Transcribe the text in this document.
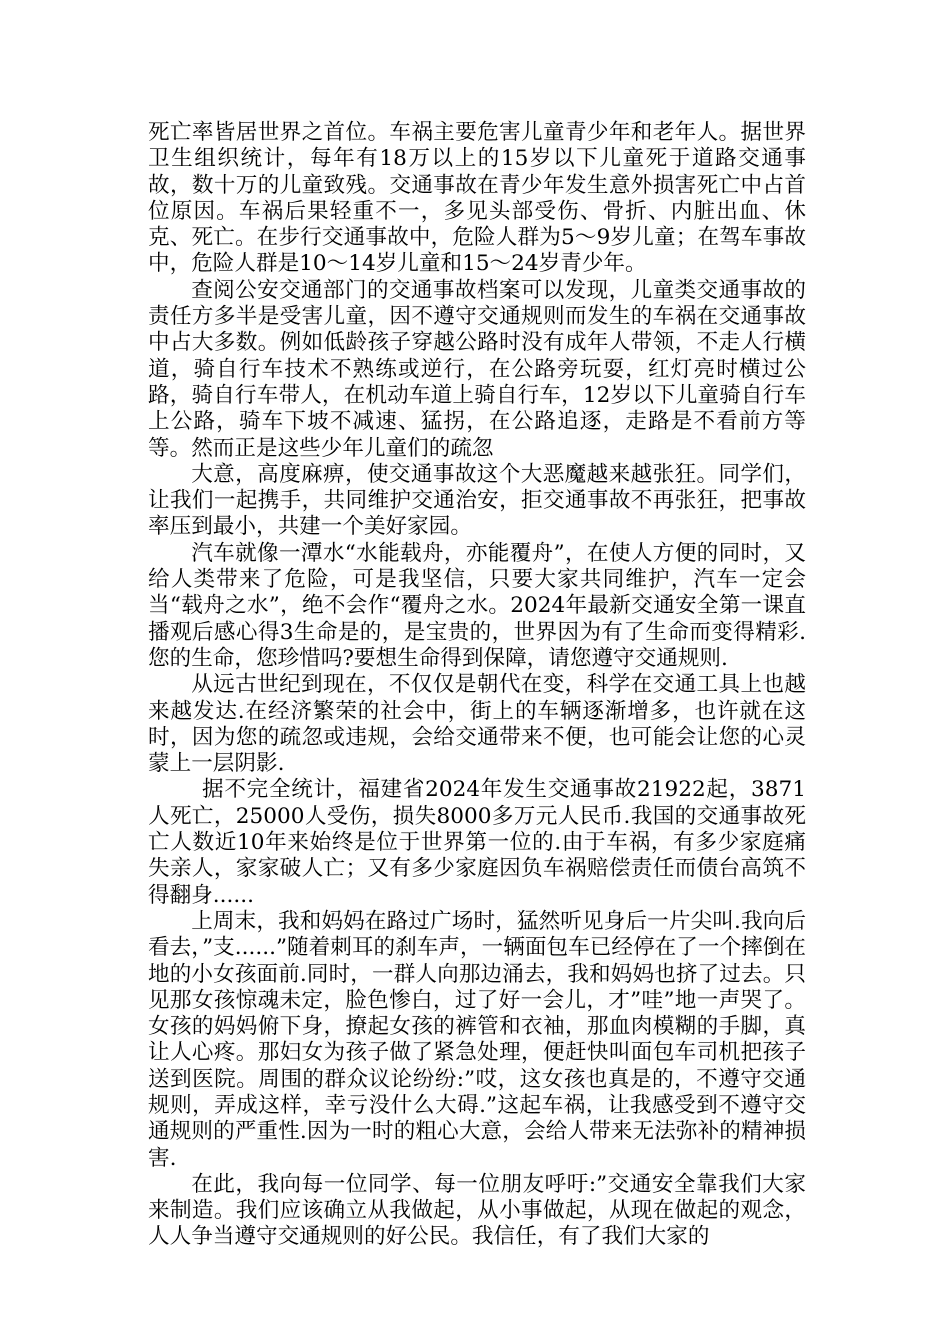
死亡率皆居世界之首位。车祸主要危害儿童青少年和老年人。据世界卫生组织统计，每年有18万以上的15岁以下儿童死于道路交通事故，数十万的儿童致残。交通事故在青少年发生意外损害死亡中占首位原因。车祸后果轻重不一，多见头部受伤、骨折、内脏出血、休克、死亡。在步行交通事故中，危险人群为5～9岁儿童；在驾车事故中，危险人群是10～14岁儿童和15～24岁青少年。

查阅公安交通部门的交通事故档案可以发现，儿童类交通事故的责任方多半是受害儿童，因不遵守交通规则而发生的车祸在交通事故中占大多数。例如低龄孩子穿越公路时没有成年人带领，不走人行横道，骑自行车技术不熟练或逆行，在公路旁玩耍，红灯亮时横过公路，骑自行车带人，在机动车道上骑自行车，12岁以下儿童骑自行车上公路，骑车下坡不减速、猛拐，在公路追逐，走路是不看前方等等。然而正是这些少年儿童们的疏忽

大意，高度麻痹，使交通事故这个大恶魔越来越张狂。同学们，让我们一起携手，共同维护交通治安，拒交通事故不再张狂，把事故率压到最小，共建一个美好家园。

汽车就像一潭水“水能载舟，亦能覆舟”，在使人方便的同时，又给人类带来了危险，可是我坚信，只要大家共同维护，汽车一定会当“载舟之水”，绝不会作“覆舟之水。2024年最新交通安全第一课直播观后感心得3生命是的，是宝贵的，世界因为有了生命而变得精彩.您的生命，您珍惜吗?要想生命得到保障，请您遵守交通规则.

从远古世纪到现在，不仅仅是朝代在变，科学在交通工具上也越来越发达.在经济繁荣的社会中，街上的车辆逐渐增多，也许就在这时，因为您的疏忽或违规，会给交通带来不便，也可能会让您的心灵蒙上一层阴影.

据不完全统计，福建省2024年发生交通事故21922起，3871人死亡，25000人受伤，损失8000多万元人民币.我国的交通事故死亡人数近10年来始终是位于世界第一位的.由于车祸，有多少家庭痛失亲人，家家破人亡；又有多少家庭因负车祸赔偿责任而债台高筑不得翻身......

上周末，我和妈妈在路过广场时，猛然听见身后一片尖叫.我向后看去，”支......”随着刺耳的刹车声，一辆面包车已经停在了一个摔倒在地的小女孩面前.同时，一群人向那边涌去，我和妈妈也挤了过去。只见那女孩惊魂未定，脸色惨白，过了好一会儿，才”哇”地一声哭了。女孩的妈妈俯下身，撩起女孩的裤管和衣袖，那血肉模糊的手脚，真让人心疼。那妇女为孩子做了紧急处理，便赶快叫面包车司机把孩子送到医院。周围的群众议论纷纷:”哎，这女孩也真是的，不遵守交通规则，弄成这样，幸亏没什么大碍.”这起车祸，让我感受到不遵守交通规则的严重性.因为一时的粗心大意，会给人带来无法弥补的精神损害.

在此，我向每一位同学、每一位朋友呼吁:”交通安全靠我们大家来制造。我们应该确立从我做起，从小事做起，从现在做起的观念，人人争当遵守交通规则的好公民。我信任，有了我们大家的
